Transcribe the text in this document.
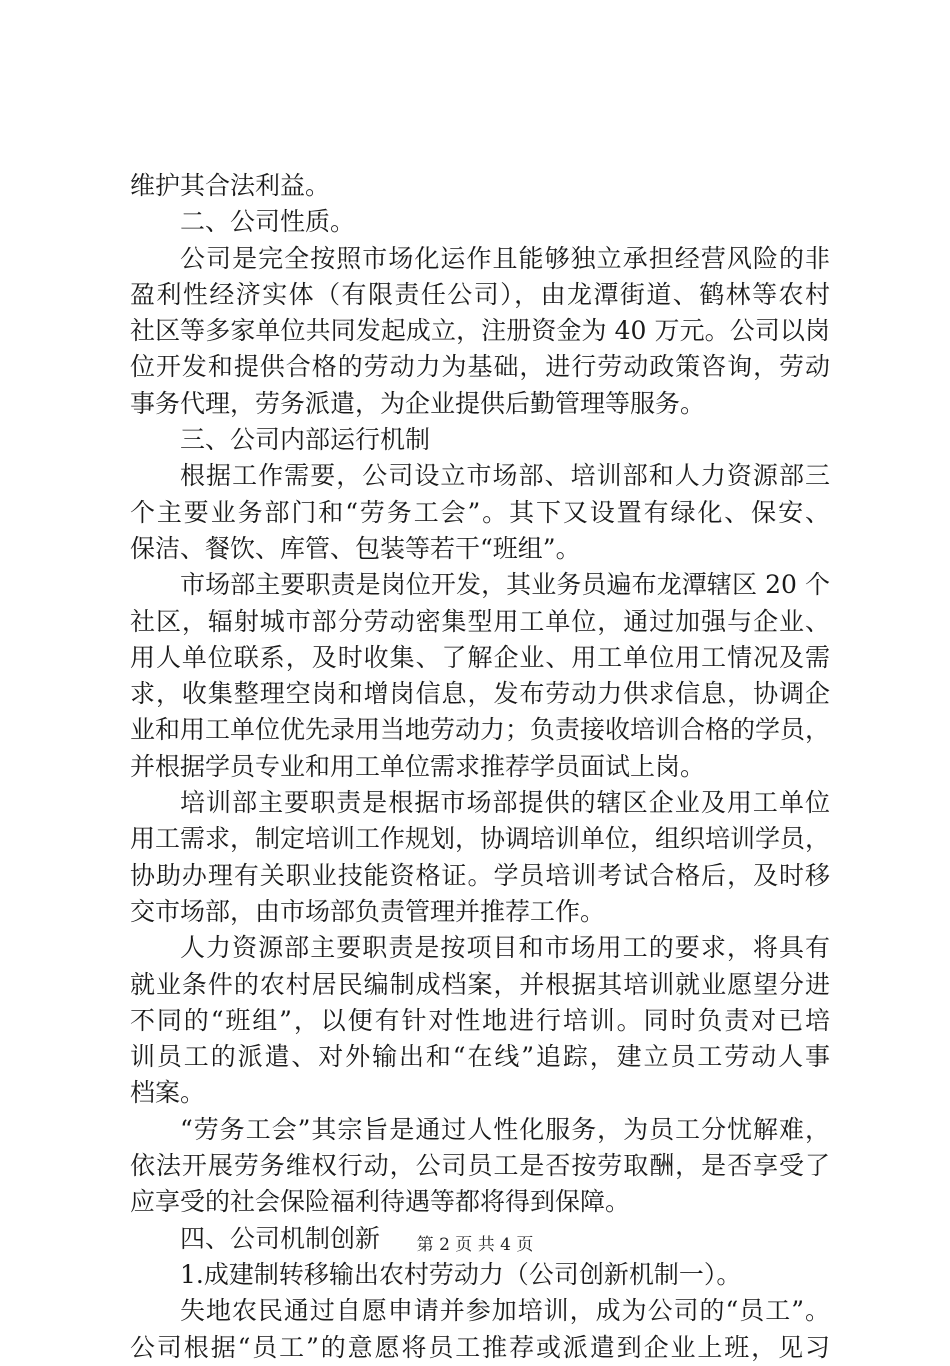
维护其合法利益。
二、公司性质。
公司是完全按照市场化运作且能够独立承担经营风险的非
盈利性经济实体（有限责任公司），由龙潭街道、鹤林等农村
社区等多家单位共同发起成立，注册资金为 40 万元。公司以岗
位开发和提供合格的劳动力为基础，进行劳动政策咨询，劳动
事务代理，劳务派遣，为企业提供后勤管理等服务。
三、公司内部运行机制
根据工作需要，公司设立市场部、培训部和人力资源部三
个主要业务部门和“劳务工会”。其下又设置有绿化、保安、
保洁、餐饮、库管、包装等若干“班组”。
市场部主要职责是岗位开发，其业务员遍布龙潭辖区 20 个
社区，辐射城市部分劳动密集型用工单位，通过加强与企业、
用人单位联系，及时收集、了解企业、用工单位用工情况及需
求，收集整理空岗和增岗信息，发布劳动力供求信息，协调企
业和用工单位优先录用当地劳动力；负责接收培训合格的学员，
并根据学员专业和用工单位需求推荐学员面试上岗。
培训部主要职责是根据市场部提供的辖区企业及用工单位
用工需求，制定培训工作规划，协调培训单位，组织培训学员，
协助办理有关职业技能资格证。学员培训考试合格后，及时移
交市场部，由市场部负责管理并推荐工作。
人力资源部主要职责是按项目和市场用工的要求，将具有
就业条件的农村居民编制成档案，并根据其培训就业愿望分进
不同的“班组”，以便有针对性地进行培训。同时负责对已培
训员工的派遣、对外输出和“在线”追踪，建立员工劳动人事
档案。
“劳务工会”其宗旨是通过人性化服务，为员工分忧解难，
依法开展劳务维权行动，公司员工是否按劳取酬，是否享受了
应享受的社会保险福利待遇等都将得到保障。
四、公司机制创新
1.成建制转移输出农村劳动力（公司创新机制一）。
失地农民通过自愿申请并参加培训，成为公司的“员工”。
公司根据“员工”的意愿将员工推荐或派遣到企业上班，见习
第 2 页 共 4 页
